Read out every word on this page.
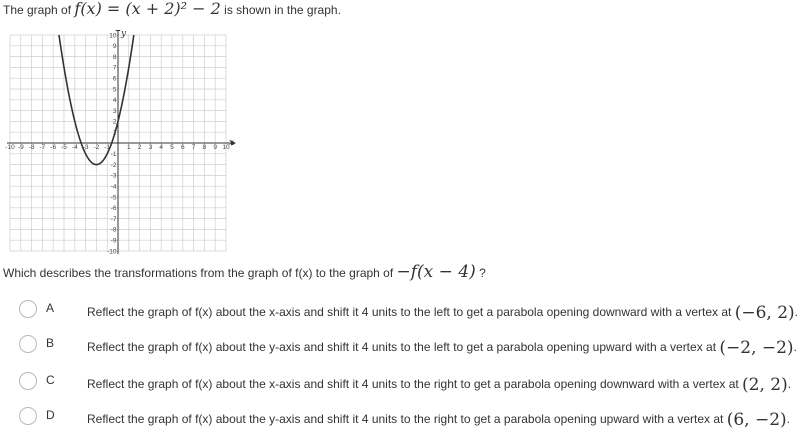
The graph of f(x) = (x + 2)² − 2 is shown in the graph.
-10 -9 -8 -7 -6 -5 -4 -3 -2 -1	1 2 3 4 5 6 7 8 9 10
10
9
8
7
6
5
4
3
2
1
-1
-2
-3
-4
-5
-6
-7
-8
-9
-10
x
y
Which describes the transformations from the graph of f(x) to the graph of −f(x − 4) ?
A	Reflect the graph of f(x) about the x-axis and shift it 4 units to the left to get a parabola opening downward with a vertex at (−6, 2).
B	Reflect the graph of f(x) about the y-axis and shift it 4 units to the left to get a parabola opening upward with a vertex at (−2, −2).
C	Reflect the graph of f(x) about the x-axis and shift it 4 units to the right to get a parabola opening downward with a vertex at (2, 2).
D	Reflect the graph of f(x) about the y-axis and shift it 4 units to the right to get a parabola opening upward with a vertex at (6, −2).
